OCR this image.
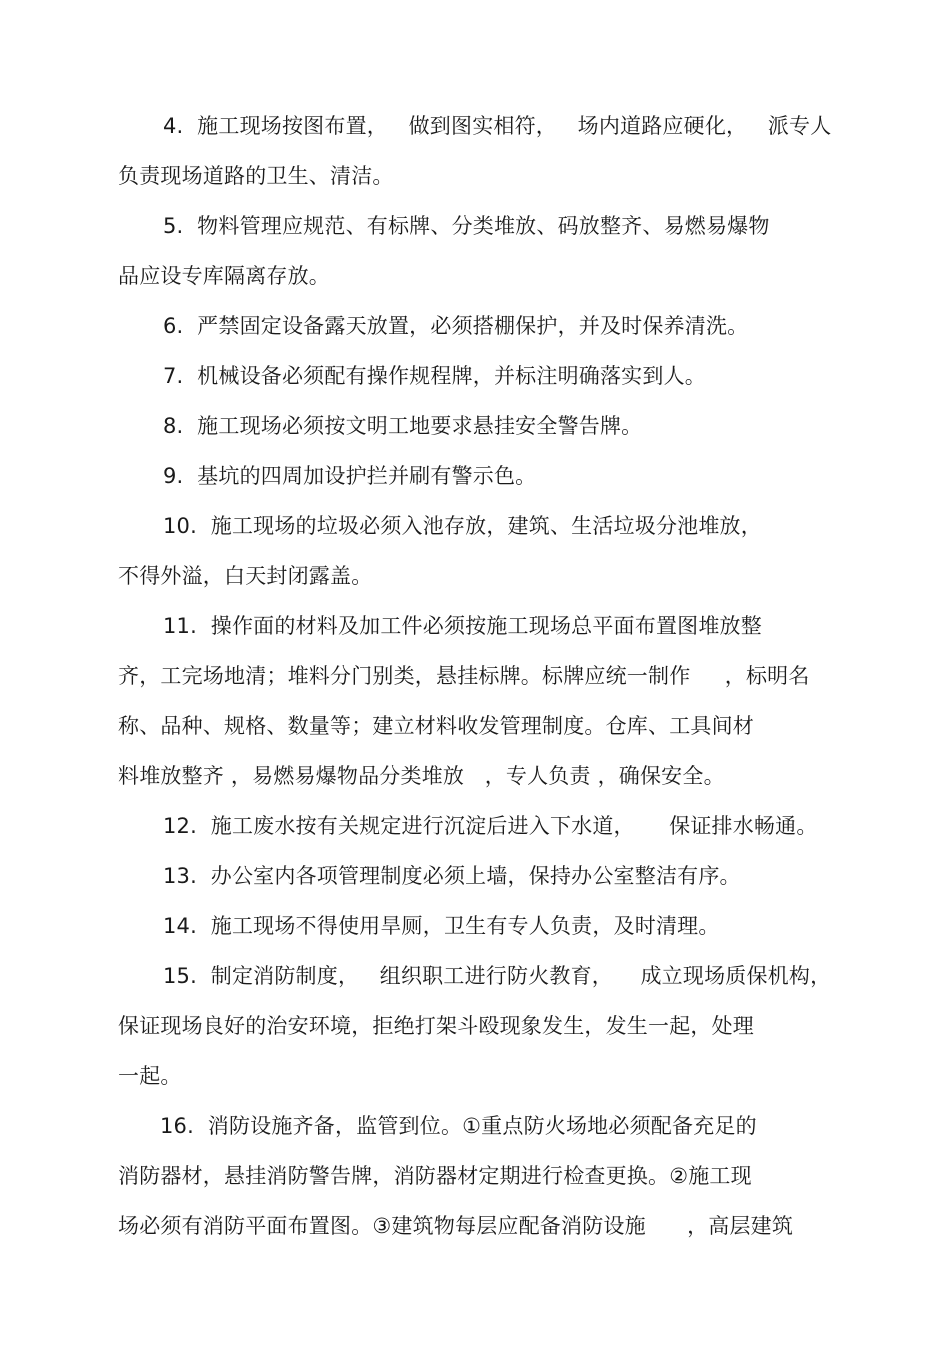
4.  施工现场按图布置，   做到图实相符，   场内道路应硬化，   派专人
负责现场道路的卫生、清洁。
5.  物料管理应规范、有标牌、分类堆放、码放整齐、易燃易爆物
品应设专库隔离存放。
6.  严禁固定设备露天放置，必须搭棚保护，并及时保养清洗。
7.  机械设备必须配有操作规程牌，并标注明确落实到人。
8.  施工现场必须按文明工地要求悬挂安全警告牌。
9.  基坑的四周加设护拦并刷有警示色。
10.  施工现场的垃圾必须入池存放，建筑、生活垃圾分池堆放，
不得外溢，白天封闭露盖。
11.  操作面的材料及加工件必须按施工现场总平面布置图堆放整
齐，工完场地清；堆料分门别类，悬挂标牌。标牌应统一制作     ，标明名
称、品种、规格、数量等；建立材料收发管理制度。仓库、工具间材
料堆放整齐 ，易燃易爆物品分类堆放   ，专人负责 ，确保安全。
12.  施工废水按有关规定进行沉淀后进入下水道，     保证排水畅通。
13.  办公室内各项管理制度必须上墙，保持办公室整洁有序。
14.  施工现场不得使用旱厕，卫生有专人负责，及时清理。
15.  制定消防制度，   组织职工进行防火教育，    成立现场质保机构，
保证现场良好的治安环境，拒绝打架斗殴现象发生，发生一起，处理
一起。
16.  消防设施齐备，监管到位。①重点防火场地必须配备充足的
消防器材，悬挂消防警告牌，消防器材定期进行检查更换。②施工现
场必须有消防平面布置图。③建筑物每层应配备消防设施      ，高层建筑
